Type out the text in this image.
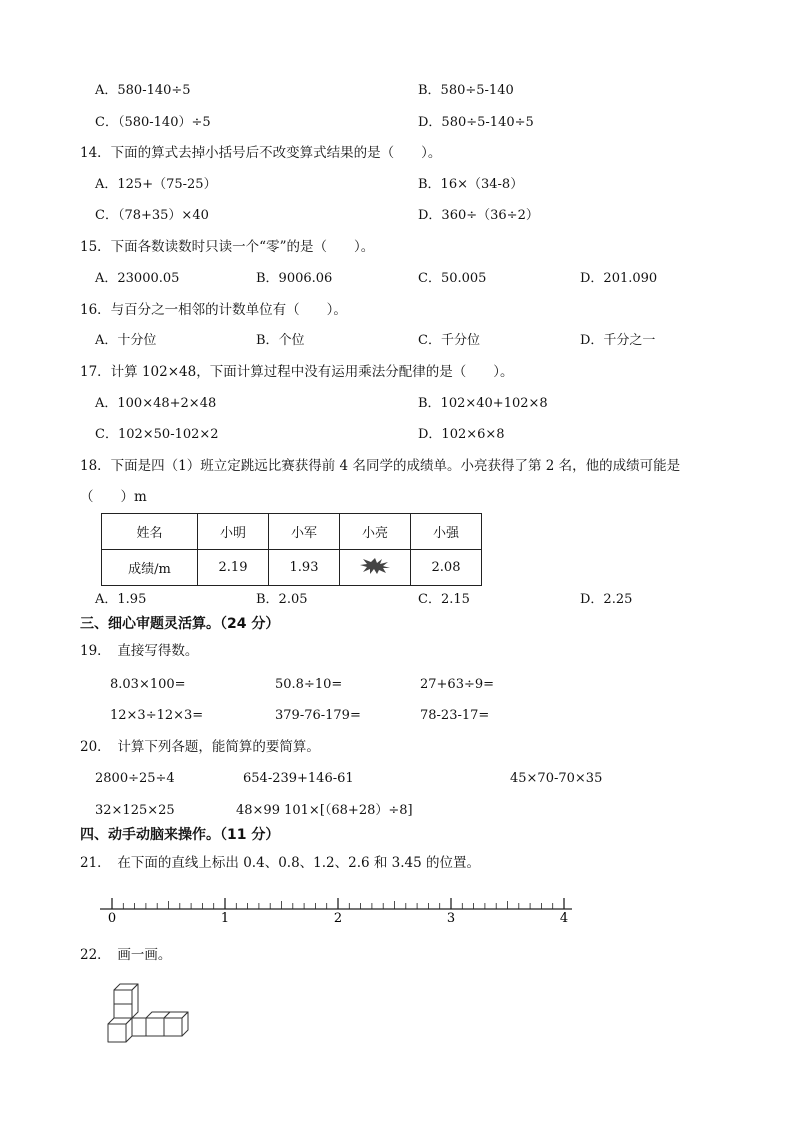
A．580-140÷5	B．580÷5-140
C．（580-140）÷5	D．580÷5-140÷5
14．下面的算式去掉小括号后不改变算式结果的是（　　）。
A．125+（75-25）	B．16×（34-8）
C．（78+35）×40	D．360÷（36÷2）
15．下面各数读数时只读一个“零”的是（　　）。
A．23000.05	B．9006.06	C．50.005	D．201.090
16．与百分之一相邻的计数单位有（　　）。
A．十分位	B．个位	C．千分位	D．千分之一
17．计算 102×48，下面计算过程中没有运用乘法分配律的是（　　）。
A．100×48+2×48	B．102×40+102×8
C．102×50-102×2	D．102×6×8
18．下面是四（1）班立定跳远比赛获得前 4 名同学的成绩单。小亮获得了第 2 名，他的成绩可能是
（　　）m
姓名	小明	小军	小亮	小强
成绩/m	2.19	1.93		2.08
A．1.95	B．2.05	C．2.15	D．2.25
三、细心审题灵活算。（24 分）
19．　直接写得数。
8.03×100=	50.8÷10=	27+63÷9=
12×3÷12×3=	379-76-179=	78-23-17=
20．　计算下列各题，能简算的要简算。
2800÷25÷4	654-239+146-61	45×70-70×35
32×125×25	48×99 101×[（68+28）÷8]
四、动手动脑来操作。（11 分）
21．　在下面的直线上标出 0.4、0.8、1.2、2.6 和 3.45 的位置。
0	1	2	3	4
22．　画一画。
